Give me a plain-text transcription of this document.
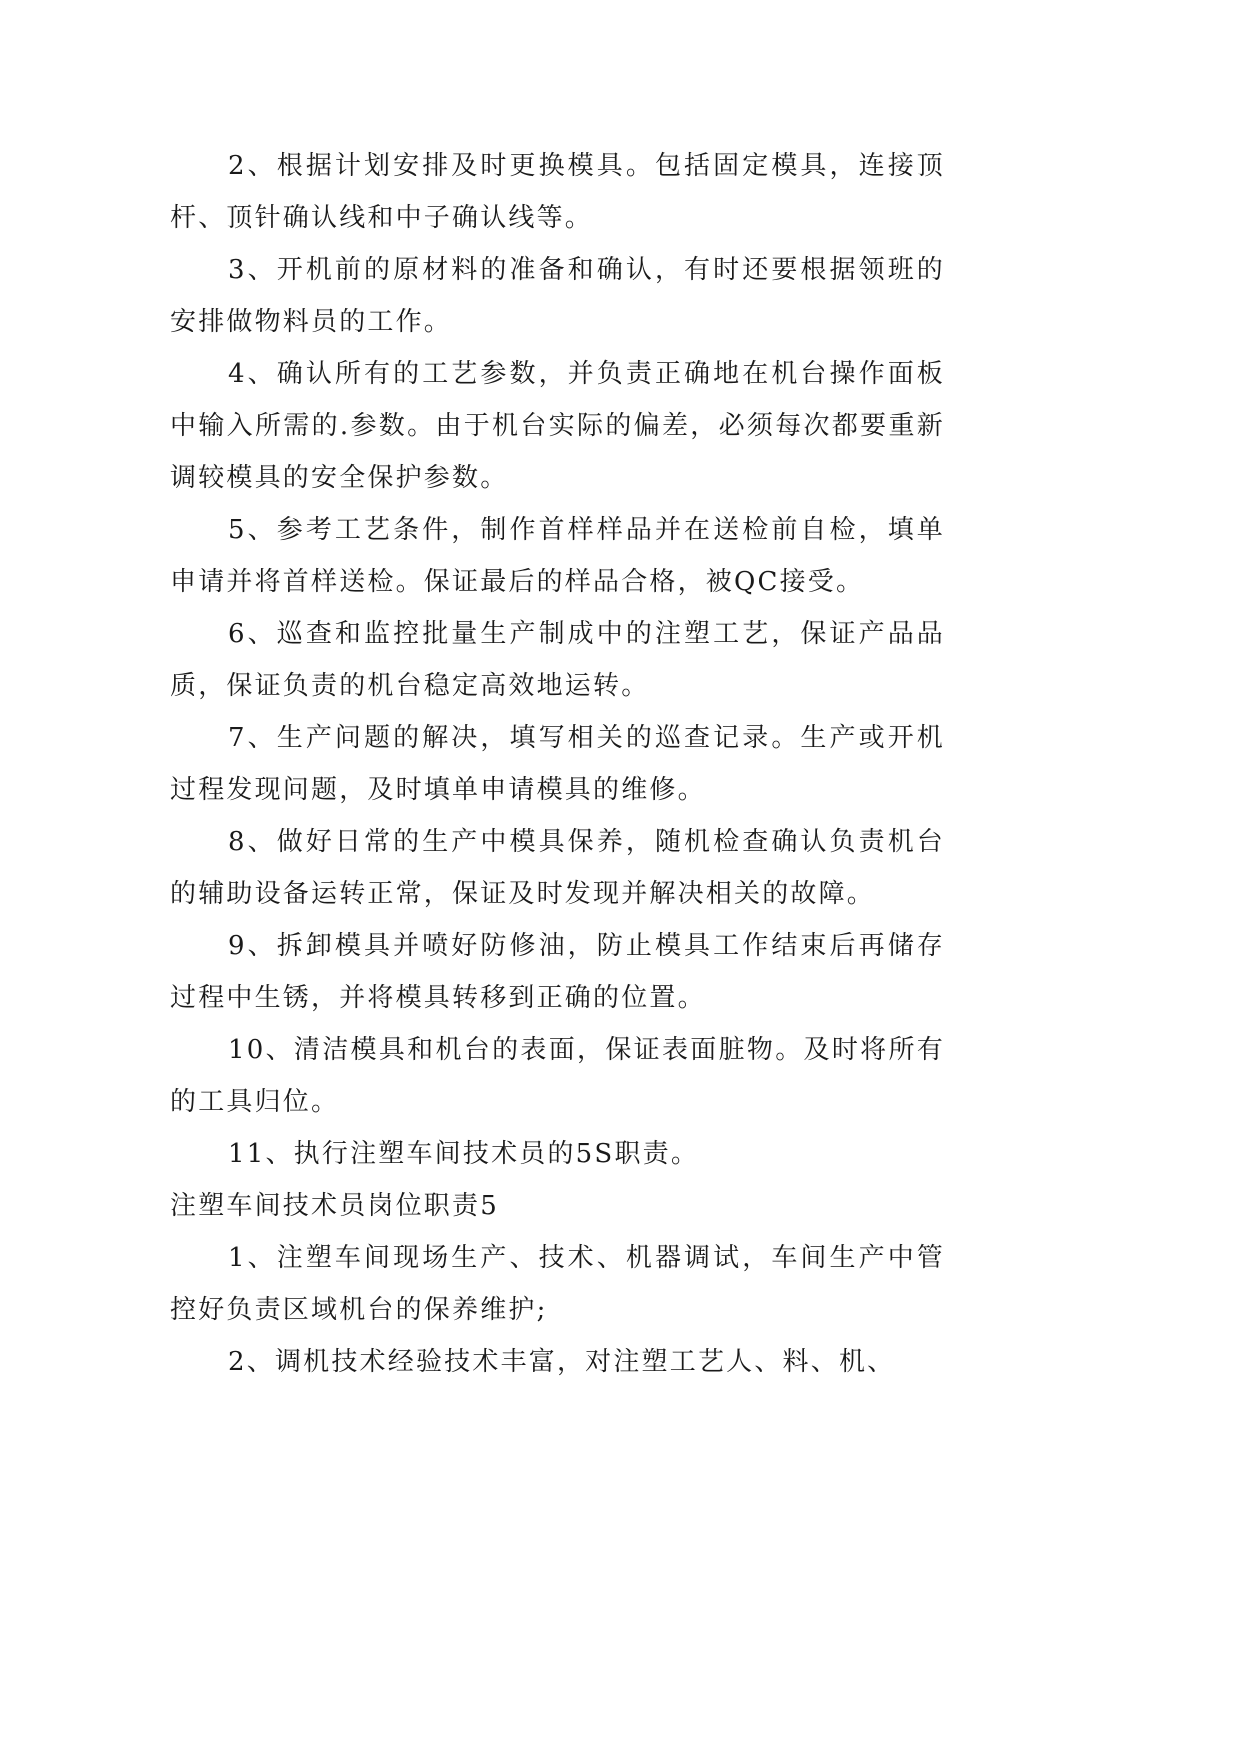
2、根据计划安排及时更换模具。包括固定模具，连接顶杆、顶针确认线和中子确认线等。

3、开机前的原材料的准备和确认，有时还要根据领班的安排做物料员的工作。

4、确认所有的工艺参数，并负责正确地在机台操作面板中输入所需的.参数。由于机台实际的偏差，必须每次都要重新调较模具的安全保护参数。

5、参考工艺条件，制作首样样品并在送检前自检，填单申请并将首样送检。保证最后的样品合格，被QC接受。

6、巡查和监控批量生产制成中的注塑工艺，保证产品品质，保证负责的机台稳定高效地运转。

7、生产问题的解决，填写相关的巡查记录。生产或开机过程发现问题，及时填单申请模具的维修。

8、做好日常的生产中模具保养，随机检查确认负责机台的辅助设备运转正常，保证及时发现并解决相关的故障。

9、拆卸模具并喷好防修油，防止模具工作结束后再储存过程中生锈，并将模具转移到正确的位置。

10、清洁模具和机台的表面，保证表面脏物。及时将所有的工具归位。

11、执行注塑车间技术员的5S职责。

注塑车间技术员岗位职责5

1、注塑车间现场生产、技术、机器调试，车间生产中管控好负责区域机台的保养维护;

2、调机技术经验技术丰富，对注塑工艺人、料、机、
